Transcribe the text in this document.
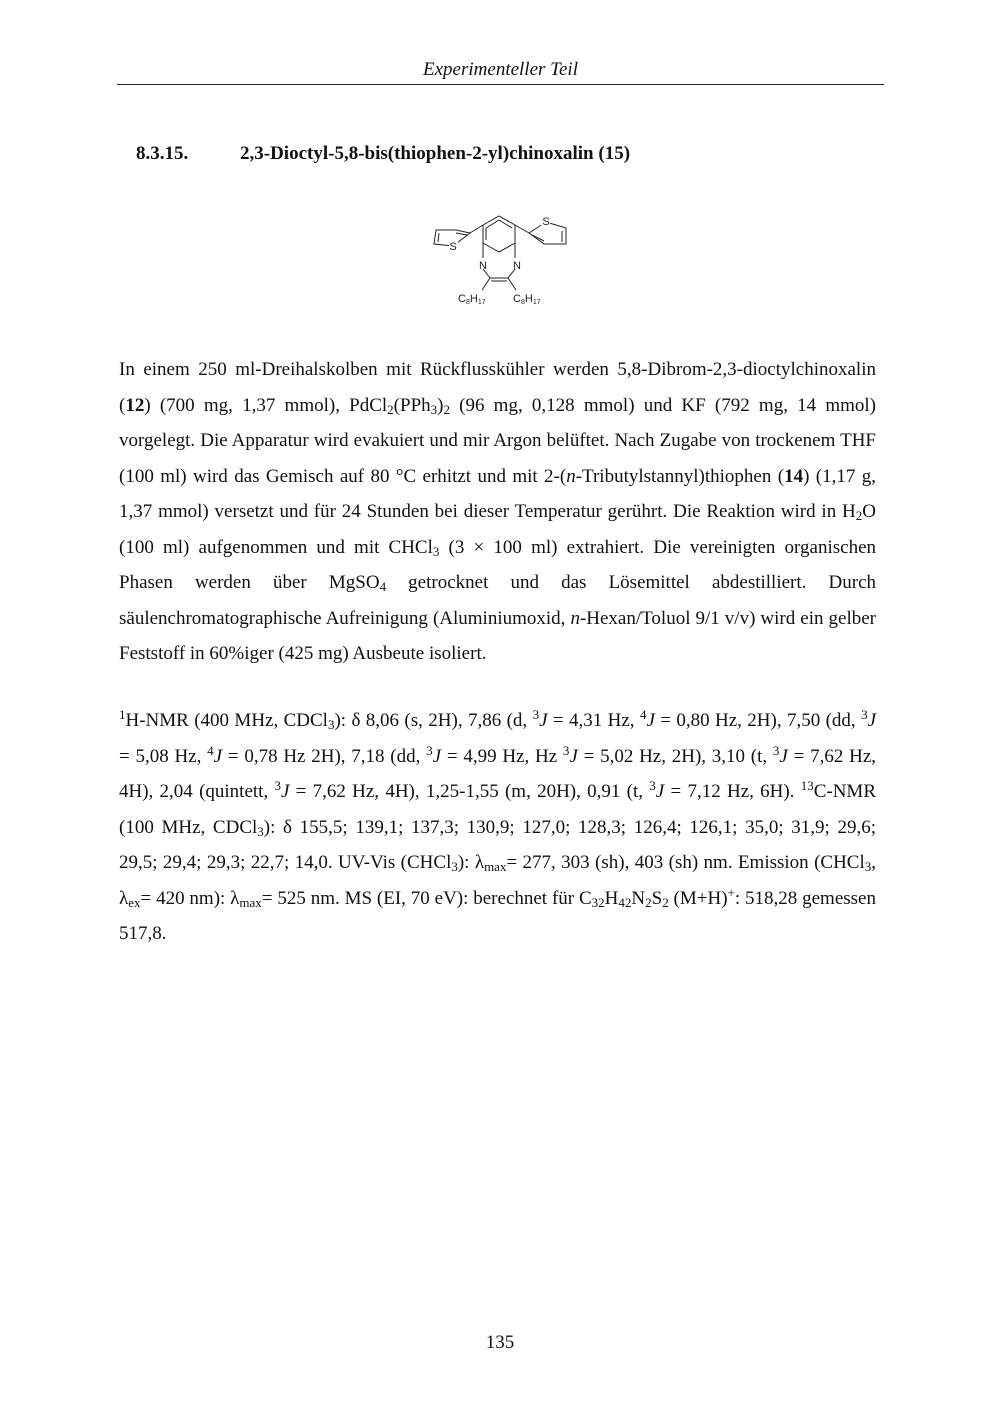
Experimenteller Teil
8.3.15.	2,3-Dioctyl-5,8-bis(thiophen-2-yl)chinoxalin (15)
S
S
N N
C8H17 C8H17

In einem 250 ml-Dreihalskolben mit Rückflusskühler werden 5,8-Dibrom-2,3-dioctylchinoxalin (12) (700 mg, 1,37 mmol), $PdCl_2(PPh_3)_2$ (96 mg, 0,128 mmol) und KF (792 mg, 14 mmol) vorgelegt. Die Apparatur wird evakuiert und mir Argon belüftet. Nach Zugabe von trockenem THF (100 ml) wird das Gemisch auf 80 °C erhitzt und mit 2-(n-Tributylstannyl)thiophen (14) (1,17 g, 1,37 mmol) versetzt und für 24 Stunden bei dieser Temperatur gerührt. Die Reaktion wird in $H_2O$ (100 ml) aufgenommen und mit CHCl$_3$ (3 × 100 ml) extrahiert. Die vereinigten organischen Phasen werden über MgSO$_4$ getrocknet und das Lösemittel abdestilliert. Durch säulenchromatographische Aufreinigung (Aluminiumoxid, n-Hexan/Toluol 9/1 v/v) wird ein gelber Feststoff in 60%iger (425 mg) Ausbeute isoliert.

$^1$H-NMR (400 MHz, CDCl$_3$): δ 8,06 (s, 2H), 7,86 (d, $^3$J = 4,31 Hz, $^4$J = 0,80 Hz, 2H), 7,50 (dd, $^3$J = 5,08 Hz, $^4$J = 0,78 Hz 2H), 7,18 (dd, $^3$J = 4,99 Hz, Hz $^3$J = 5,02 Hz, 2H), 3,10 (t, $^3$J = 7,62 Hz, 4H), 2,04 (quintett, $^3$J = 7,62 Hz, 4H), 1,25-1,55 (m, 20H), 0,91 (t, $^3$J = 7,12 Hz, 6H). $^{13}$C-NMR (100 MHz, CDCl$_3$): δ 155,5; 139,1; 137,3; 130,9; 127,0; 128,3; 126,4; 126,1; 35,0; 31,9; 29,6; 29,5; 29,4; 29,3; 22,7; 14,0. UV-Vis (CHCl$_3$): $\lambda_{max}= 277$, 303 (sh), 403 (sh) nm. Emission (CHCl$_3$, $\lambda_{ex}= 420$ nm): $\lambda_{max}= 525$ nm. MS (EI, 70 eV): berechnet für $C_{32}H_{42}N_2S_2$ (M+H)+: 518,28 gemessen 517,8.

135
